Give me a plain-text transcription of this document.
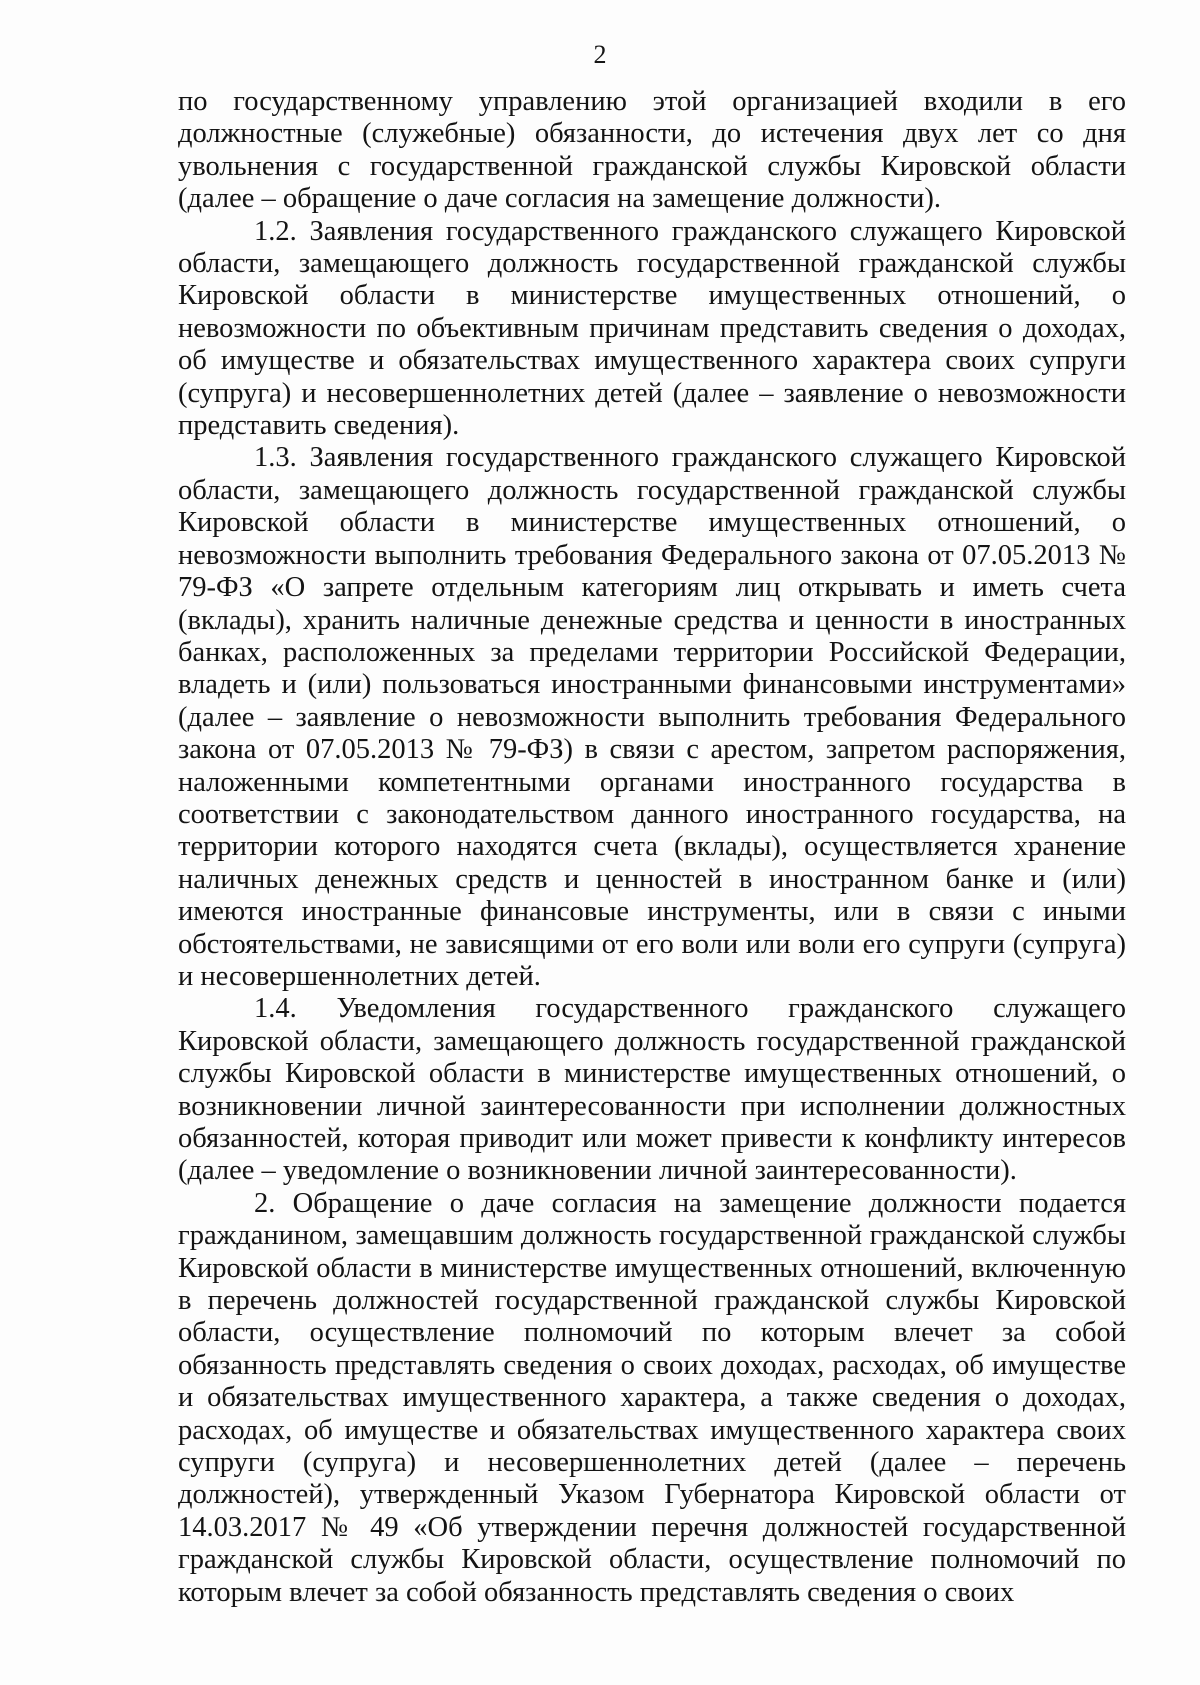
2

по государственному управлению этой организацией входили в его должностные (служебные) обязанности, до истечения двух лет со дня увольнения с государственной гражданской службы Кировской области (далее – обращение о даче согласия на замещение должности).

1.2. Заявления государственного гражданского служащего Кировской области, замещающего должность государственной гражданской службы Кировской области в министерстве имущественных отношений, о невозможности по объективным причинам представить сведения о доходах, об имуществе и обязательствах имущественного характера своих супруги (супруга) и несовершеннолетних детей (далее – заявление о невозможности представить сведения).

1.3. Заявления государственного гражданского служащего Кировской области, замещающего должность государственной гражданской службы Кировской области в министерстве имущественных отношений, о невозможности выполнить требования Федерального закона от 07.05.2013 № 79-ФЗ «О запрете отдельным категориям лиц открывать и иметь счета (вклады), хранить наличные денежные средства и ценности в иностранных банках, расположенных за пределами территории Российской Федерации, владеть и (или) пользоваться иностранными финансовыми инструментами» (далее – заявление о невозможности выполнить требования Федерального закона от 07.05.2013 № 79-ФЗ) в связи с арестом, запретом распоряжения, наложенными компетентными органами иностранного государства в соответствии с законодательством данного иностранного государства, на территории которого находятся счета (вклады), осуществляется хранение наличных денежных средств и ценностей в иностранном банке и (или) имеются иностранные финансовые инструменты, или в связи с иными обстоятельствами, не зависящими от его воли или воли его супруги (супруга) и несовершеннолетних детей.

1.4. Уведомления государственного гражданского служащего Кировской области, замещающего должность государственной гражданской службы Кировской области в министерстве имущественных отношений, о возникновении личной заинтересованности при исполнении должностных обязанностей, которая приводит или может привести к конфликту интересов (далее – уведомление о возникновении личной заинтересованности).

2. Обращение о даче согласия на замещение должности подается гражданином, замещавшим должность государственной гражданской службы Кировской области в министерстве имущественных отношений, включенную в перечень должностей государственной гражданской службы Кировской области, осуществление полномочий по которым влечет за собой обязанность представлять сведения о своих доходах, расходах, об имуществе и обязательствах имущественного характера, а также сведения о доходах, расходах, об имуществе и обязательствах имущественного характера своих супруги (супруга) и несовершеннолетних детей (далее – перечень должностей), утвержденный Указом Губернатора Кировской области от 14.03.2017 № 49 «Об утверждении перечня должностей государственной гражданской службы Кировской области, осуществление полномочий по которым влечет за собой обязанность представлять сведения о своих
